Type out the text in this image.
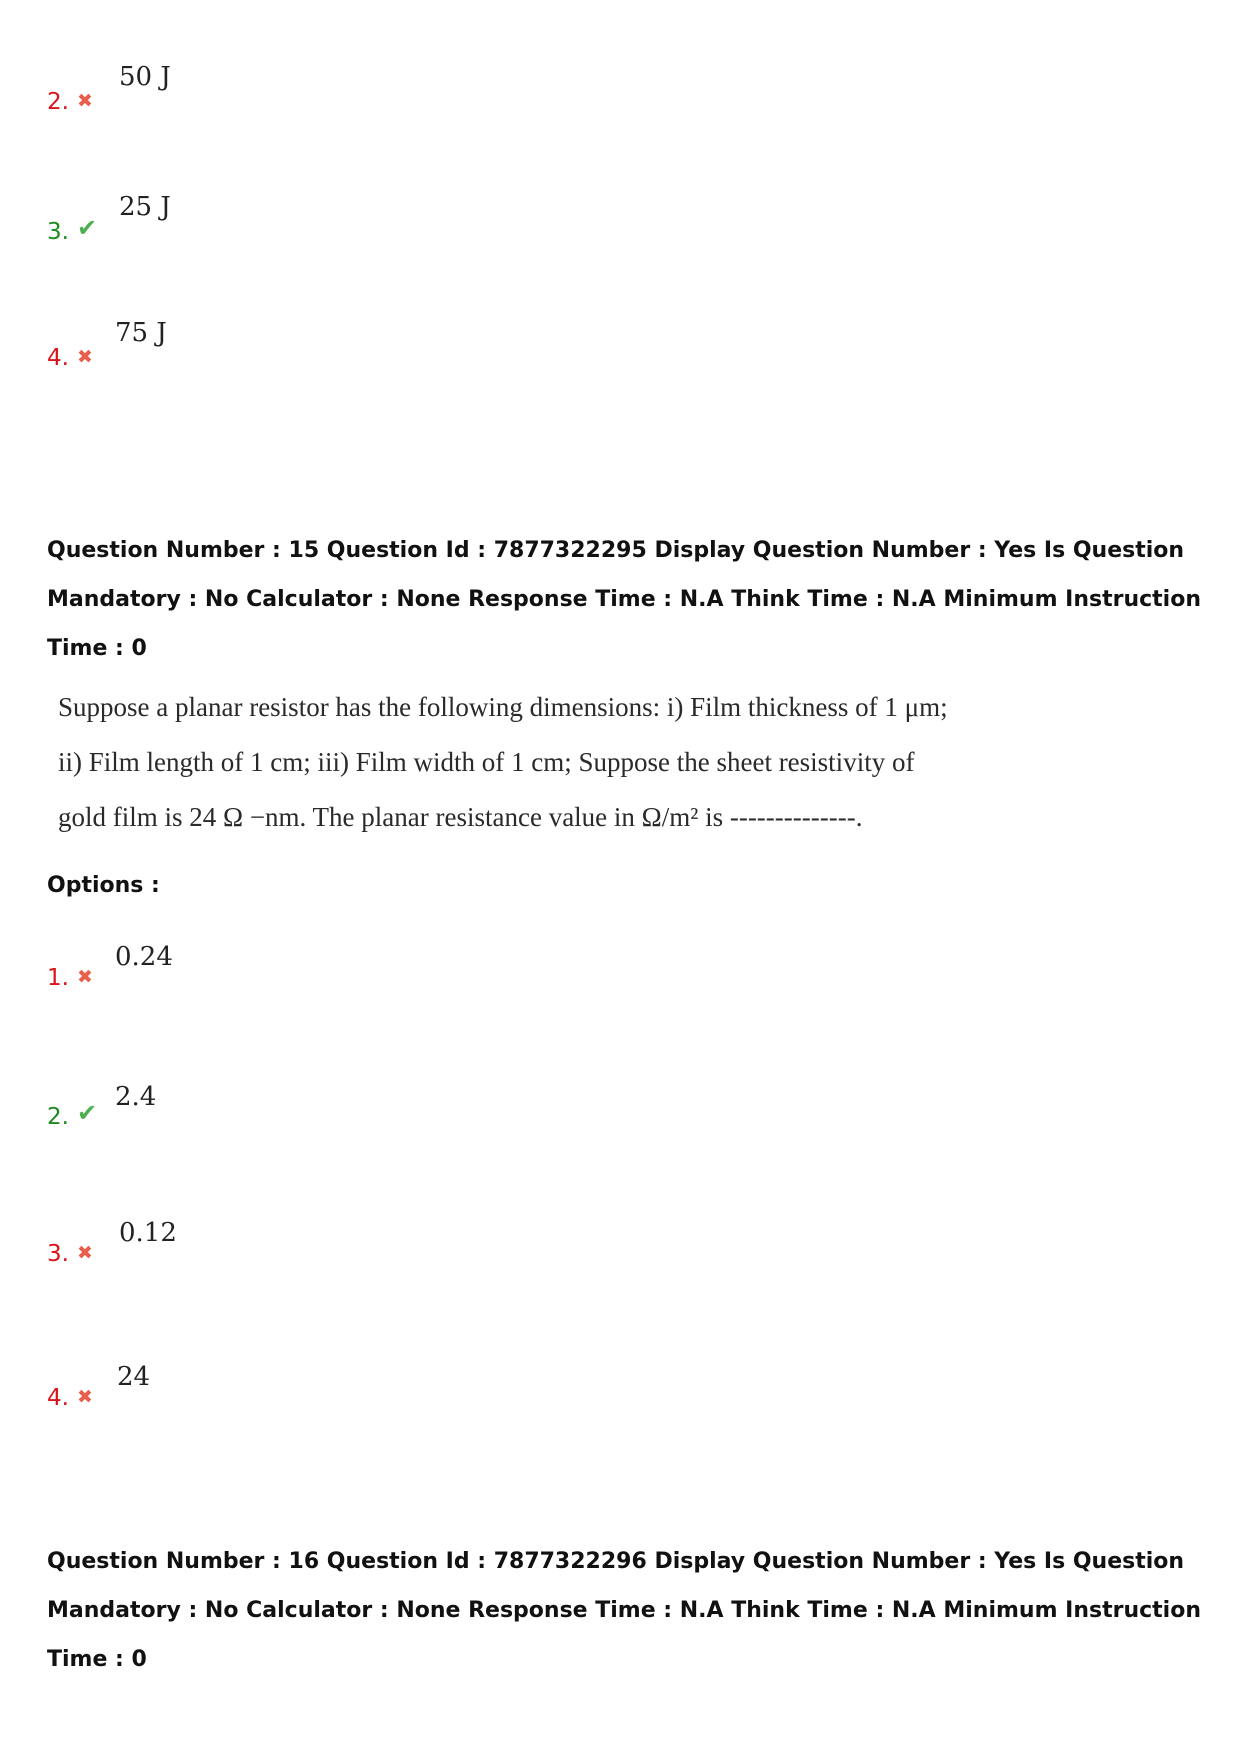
2. ✖
50 J
3. ✔
25 J
4. ✖
75 J
Question Number : 15 Question Id : 7877322295 Display Question Number : Yes Is Question Mandatory : No Calculator : None Response Time : N.A Think Time : N.A Minimum Instruction Time : 0
Suppose a planar resistor has the following dimensions: i) Film thickness of 1 μm;
ii) Film length of 1 cm; iii) Film width of 1 cm; Suppose the sheet resistivity of
gold film is 24 Ω −nm. The planar resistance value in Ω/m² is --------------.
Options :
1. ✖
0.24
2. ✔
2.4
3. ✖
0.12
4. ✖
24
Question Number : 16 Question Id : 7877322296 Display Question Number : Yes Is Question Mandatory : No Calculator : None Response Time : N.A Think Time : N.A Minimum Instruction Time : 0
